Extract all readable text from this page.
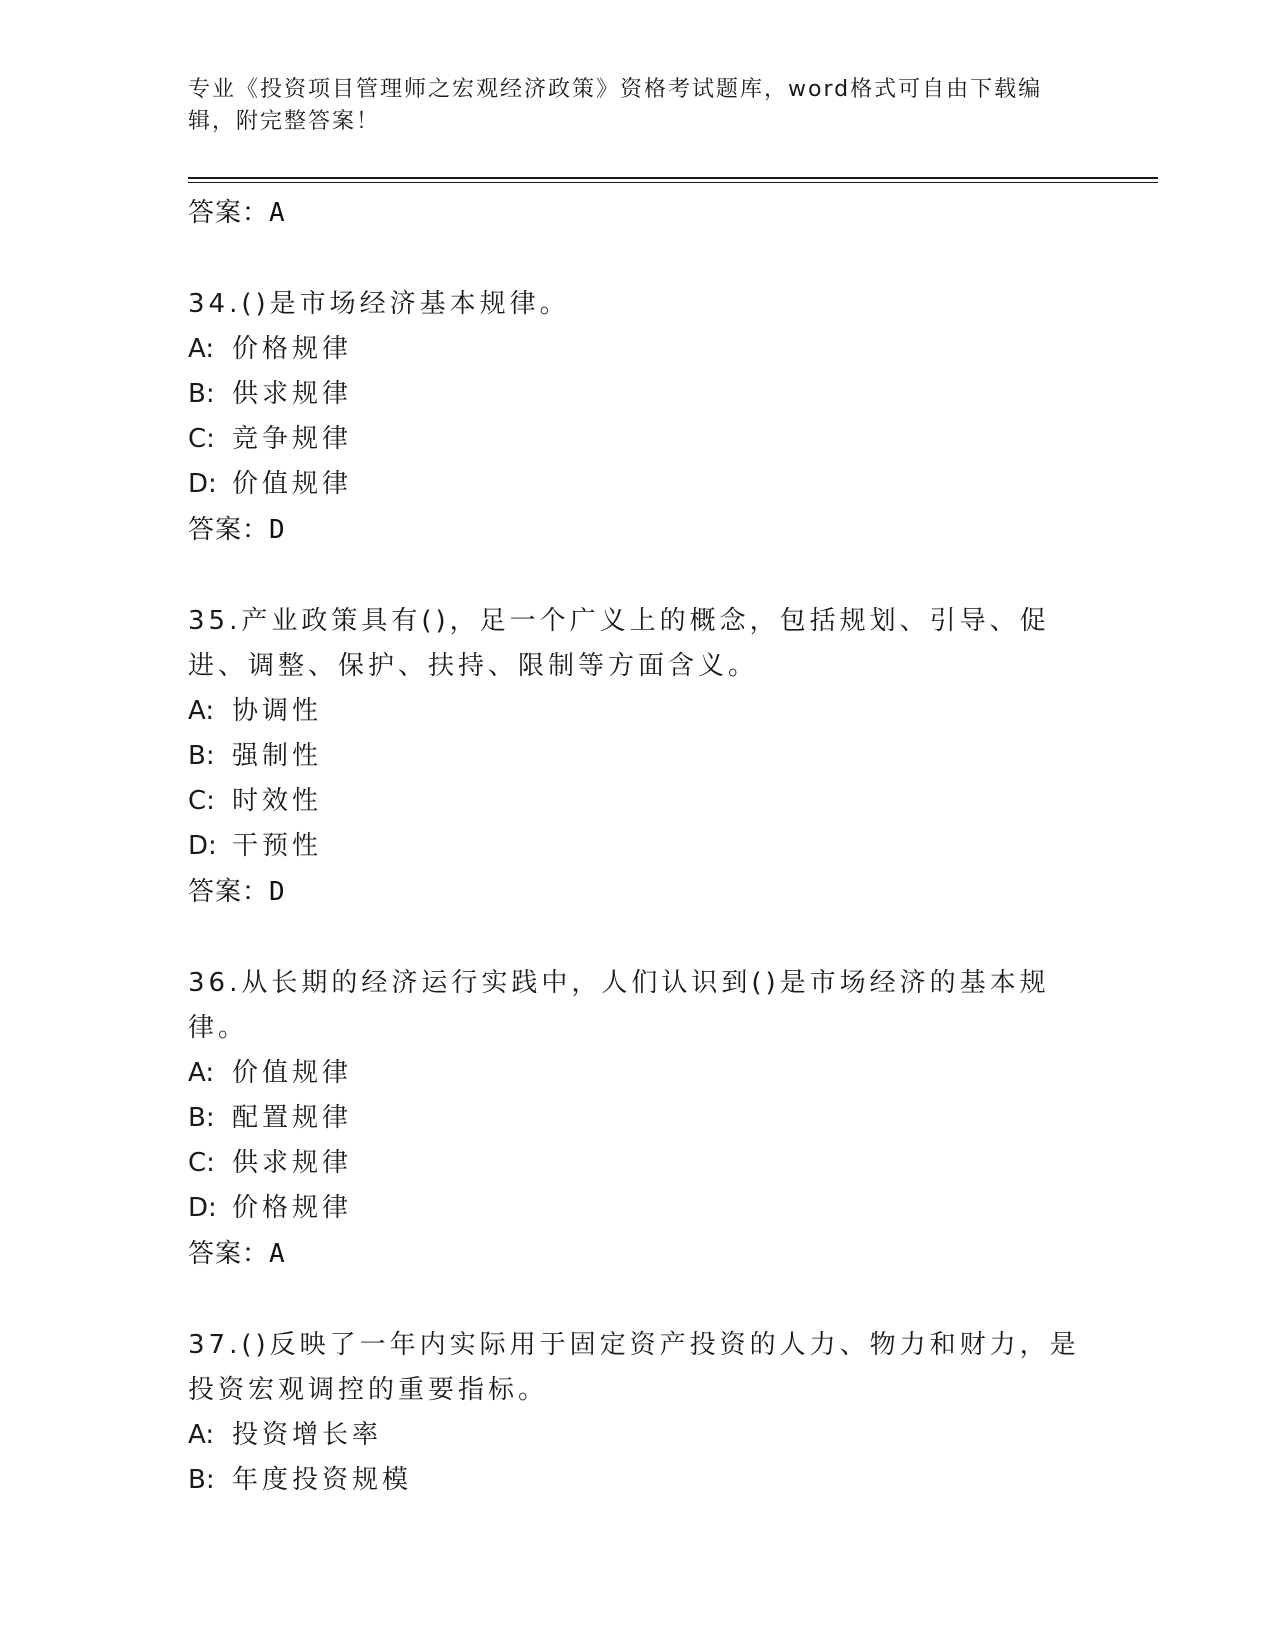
专业《投资项目管理师之宏观经济政策》资格考试题库，word格式可自由下载编辑，附完整答案！
答案：A
34.()是市场经济基本规律。
A: 价格规律
B: 供求规律
C: 竞争规律
D: 价值规律
答案：D
35.产业政策具有()，足一个广义上的概念，包括规划、引导、促进、调整、保护、扶持、限制等方面含义。
A: 协调性
B: 强制性
C: 时效性
D: 干预性
答案：D
36.从长期的经济运行实践中，人们认识到()是市场经济的基本规律。
A: 价值规律
B: 配置规律
C: 供求规律
D: 价格规律
答案：A
37.()反映了一年内实际用于固定资产投资的人力、物力和财力，是投资宏观调控的重要指标。
A: 投资增长率
B: 年度投资规模
